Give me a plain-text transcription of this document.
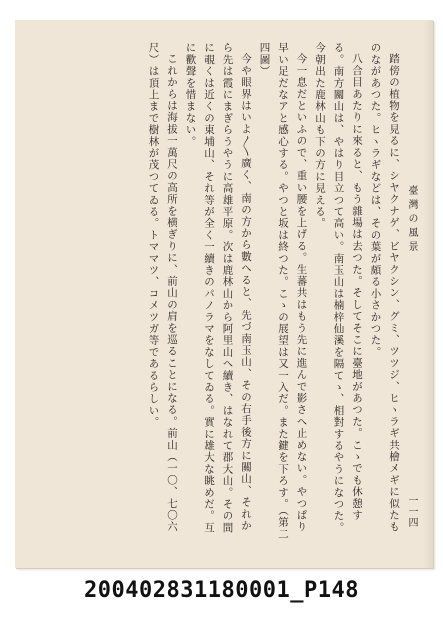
臺灣の風景
一一四

踏傍の植物を見るに、シヤクナゲ、ビヤクシン、グミ、ツツジ、ヒヽラギ共檜メギに似たものながあつた。ヒヽラギなどは、その葉が頗る小さかつた。

八合目あたりに來ると、もう雜場は去つた。そしてそこに臺地があつた。こゝでも休憩する。南方關山は、やはり目立つて高い。南玉山は楠梓仙溪を隔てゝ、相對するやうになつた。今朝出た鹿林山も下の方に見える。

今一息だといふので、重い腰を上げる。生蕃共はもう先に進んで影さへ止めない。やつぱり早い足だなアと感心する。やつと坂は終つた。こゝの展望は又一入だ。また鍵を下ろす。（第二四圖）

今や眼界はいよ〳〵廣く、南の方から數へると、先づ南玉山、その右手後方に關山、それから先は霞にまぎらうやうに高雄平原。次は鹿林山から阿里山へ續き、はなれて郡大山。その間に覗くは近くの東埔山、それ等が全く一續きのパノラマをなしてゐる。實に雄大な眺めだ。互に歡聲を惜まない。

これからは海拔一萬尺の高所を横ぎりに、前山の肩を巡ることになる。前山（一〇、七〇六尺）は頂上まで樹林が茂つてゐる。トママツ、コメツガ等であるらしい。

200402831180001_P148
